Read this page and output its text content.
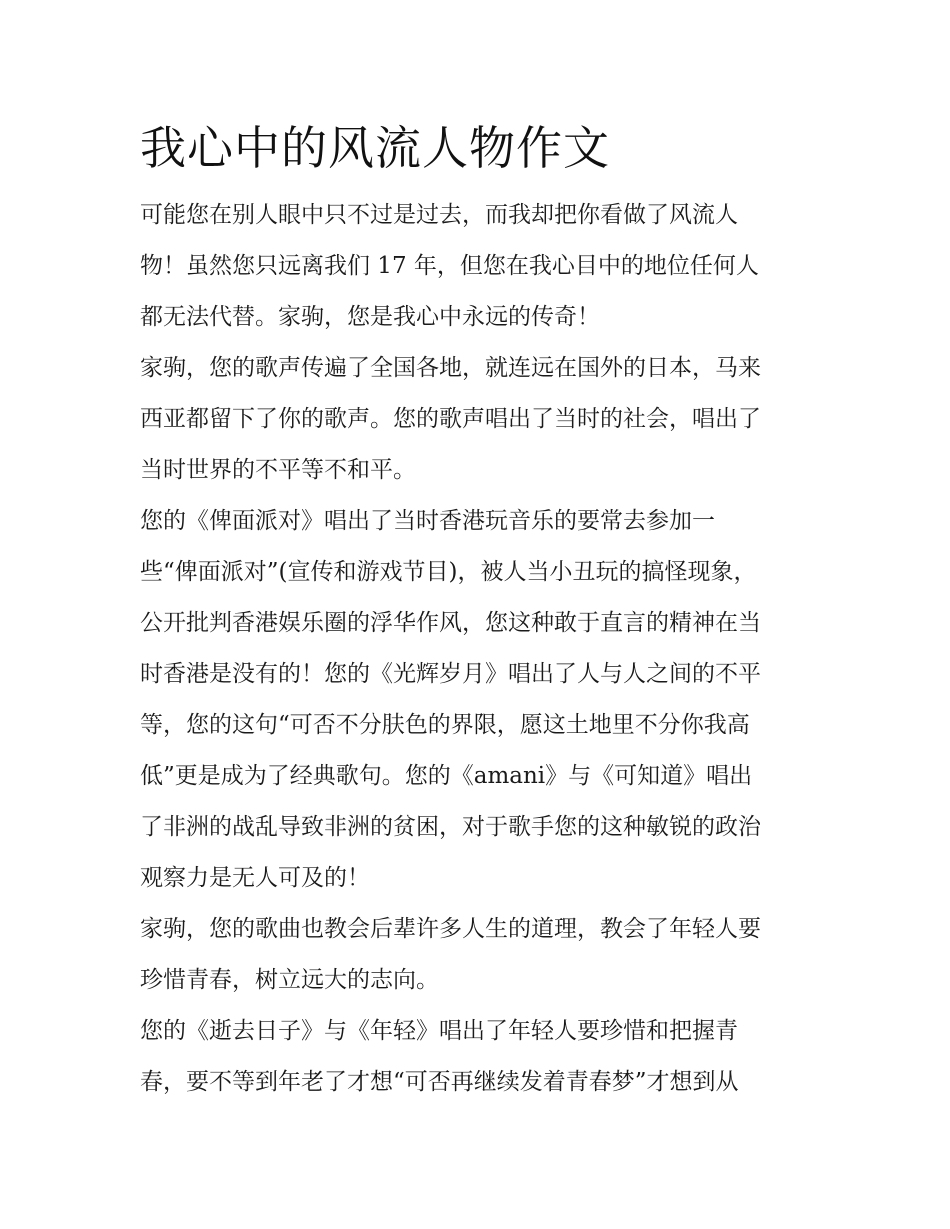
我心中的风流人物作文
可能您在别人眼中只不过是过去，而我却把你看做了风流人
物！虽然您只远离我们 17 年，但您在我心目中的地位任何人
都无法代替。家驹，您是我心中永远的传奇！
家驹，您的歌声传遍了全国各地，就连远在国外的日本，马来
西亚都留下了你的歌声。您的歌声唱出了当时的社会，唱出了
当时世界的不平等不和平。
您的《俾面派对》唱出了当时香港玩音乐的要常去参加一
些“俾面派对”(宣传和游戏节目)，被人当小丑玩的搞怪现象，
公开批判香港娱乐圈的浮华作风，您这种敢于直言的精神在当
时香港是没有的！您的《光辉岁月》唱出了人与人之间的不平
等，您的这句“可否不分肤色的界限，愿这土地里不分你我高
低”更是成为了经典歌句。您的《amani》与《可知道》唱出
了非洲的战乱导致非洲的贫困，对于歌手您的这种敏锐的政治
观察力是无人可及的！
家驹，您的歌曲也教会后辈许多人生的道理，教会了年轻人要
珍惜青春，树立远大的志向。
您的《逝去日子》与《年轻》唱出了年轻人要珍惜和把握青
春，要不等到年老了才想“可否再继续发着青春梦”才想到从
